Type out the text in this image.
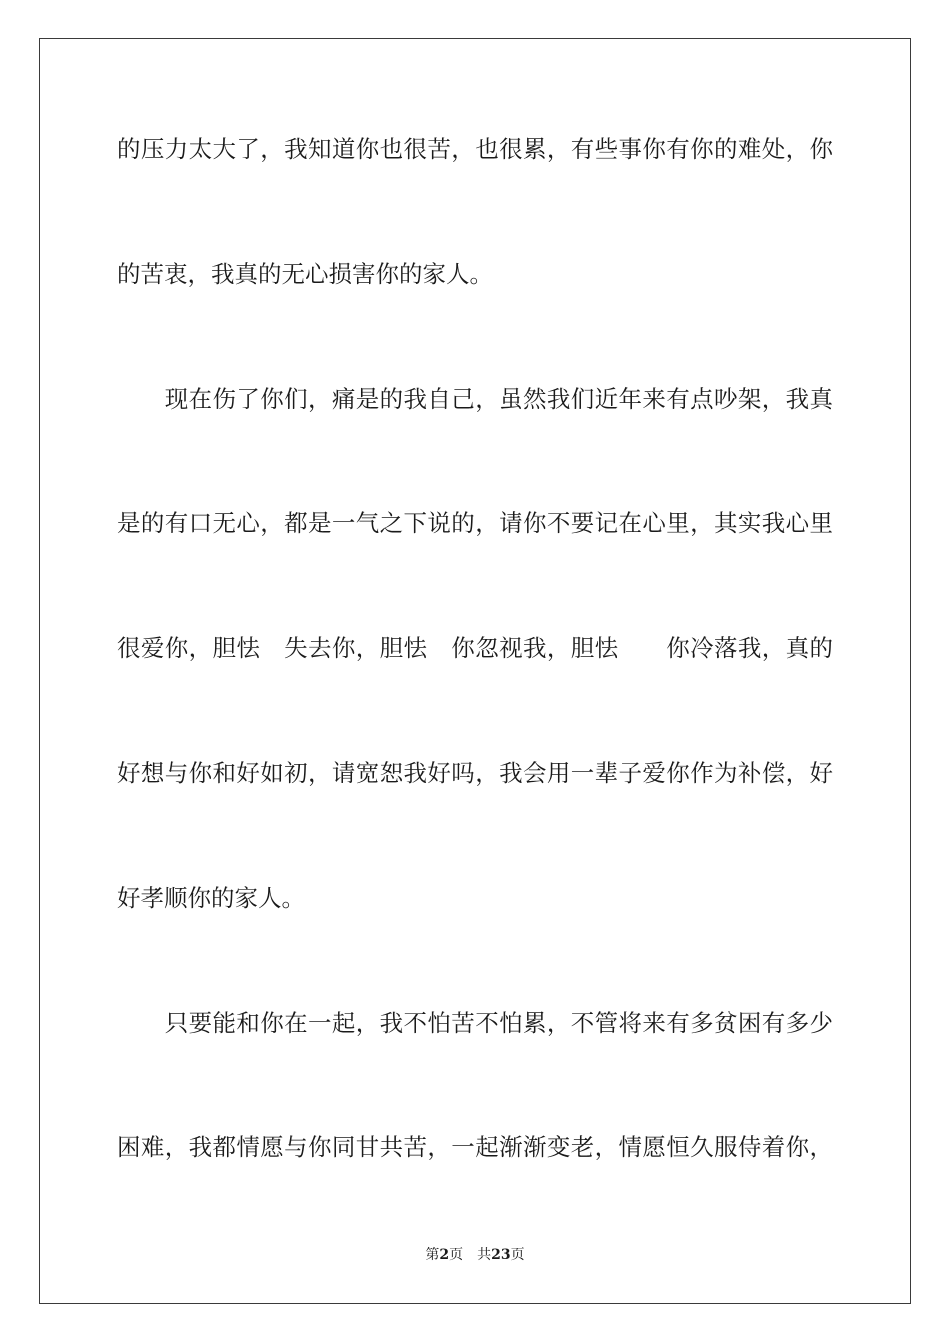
的压力太大了，我知道你也很苦，也很累，有些事你有你的难处，你
的苦衷，我真的无心损害你的家人。
　　现在伤了你们，痛是的我自己，虽然我们近年来有点吵架，我真
是的有口无心，都是一气之下说的，请你不要记在心里，其实我心里
很爱你，胆怯　失去你，胆怯　你忽视我，胆怯　　你冷落我，真的
好想与你和好如初，请宽恕我好吗，我会用一辈子爱你作为补偿，好
好孝顺你的家人。
　　只要能和你在一起，我不怕苦不怕累，不管将来有多贫困有多少
困难，我都情愿与你同甘共苦，一起渐渐变老，情愿恒久服侍着你，
第2页 共23页
